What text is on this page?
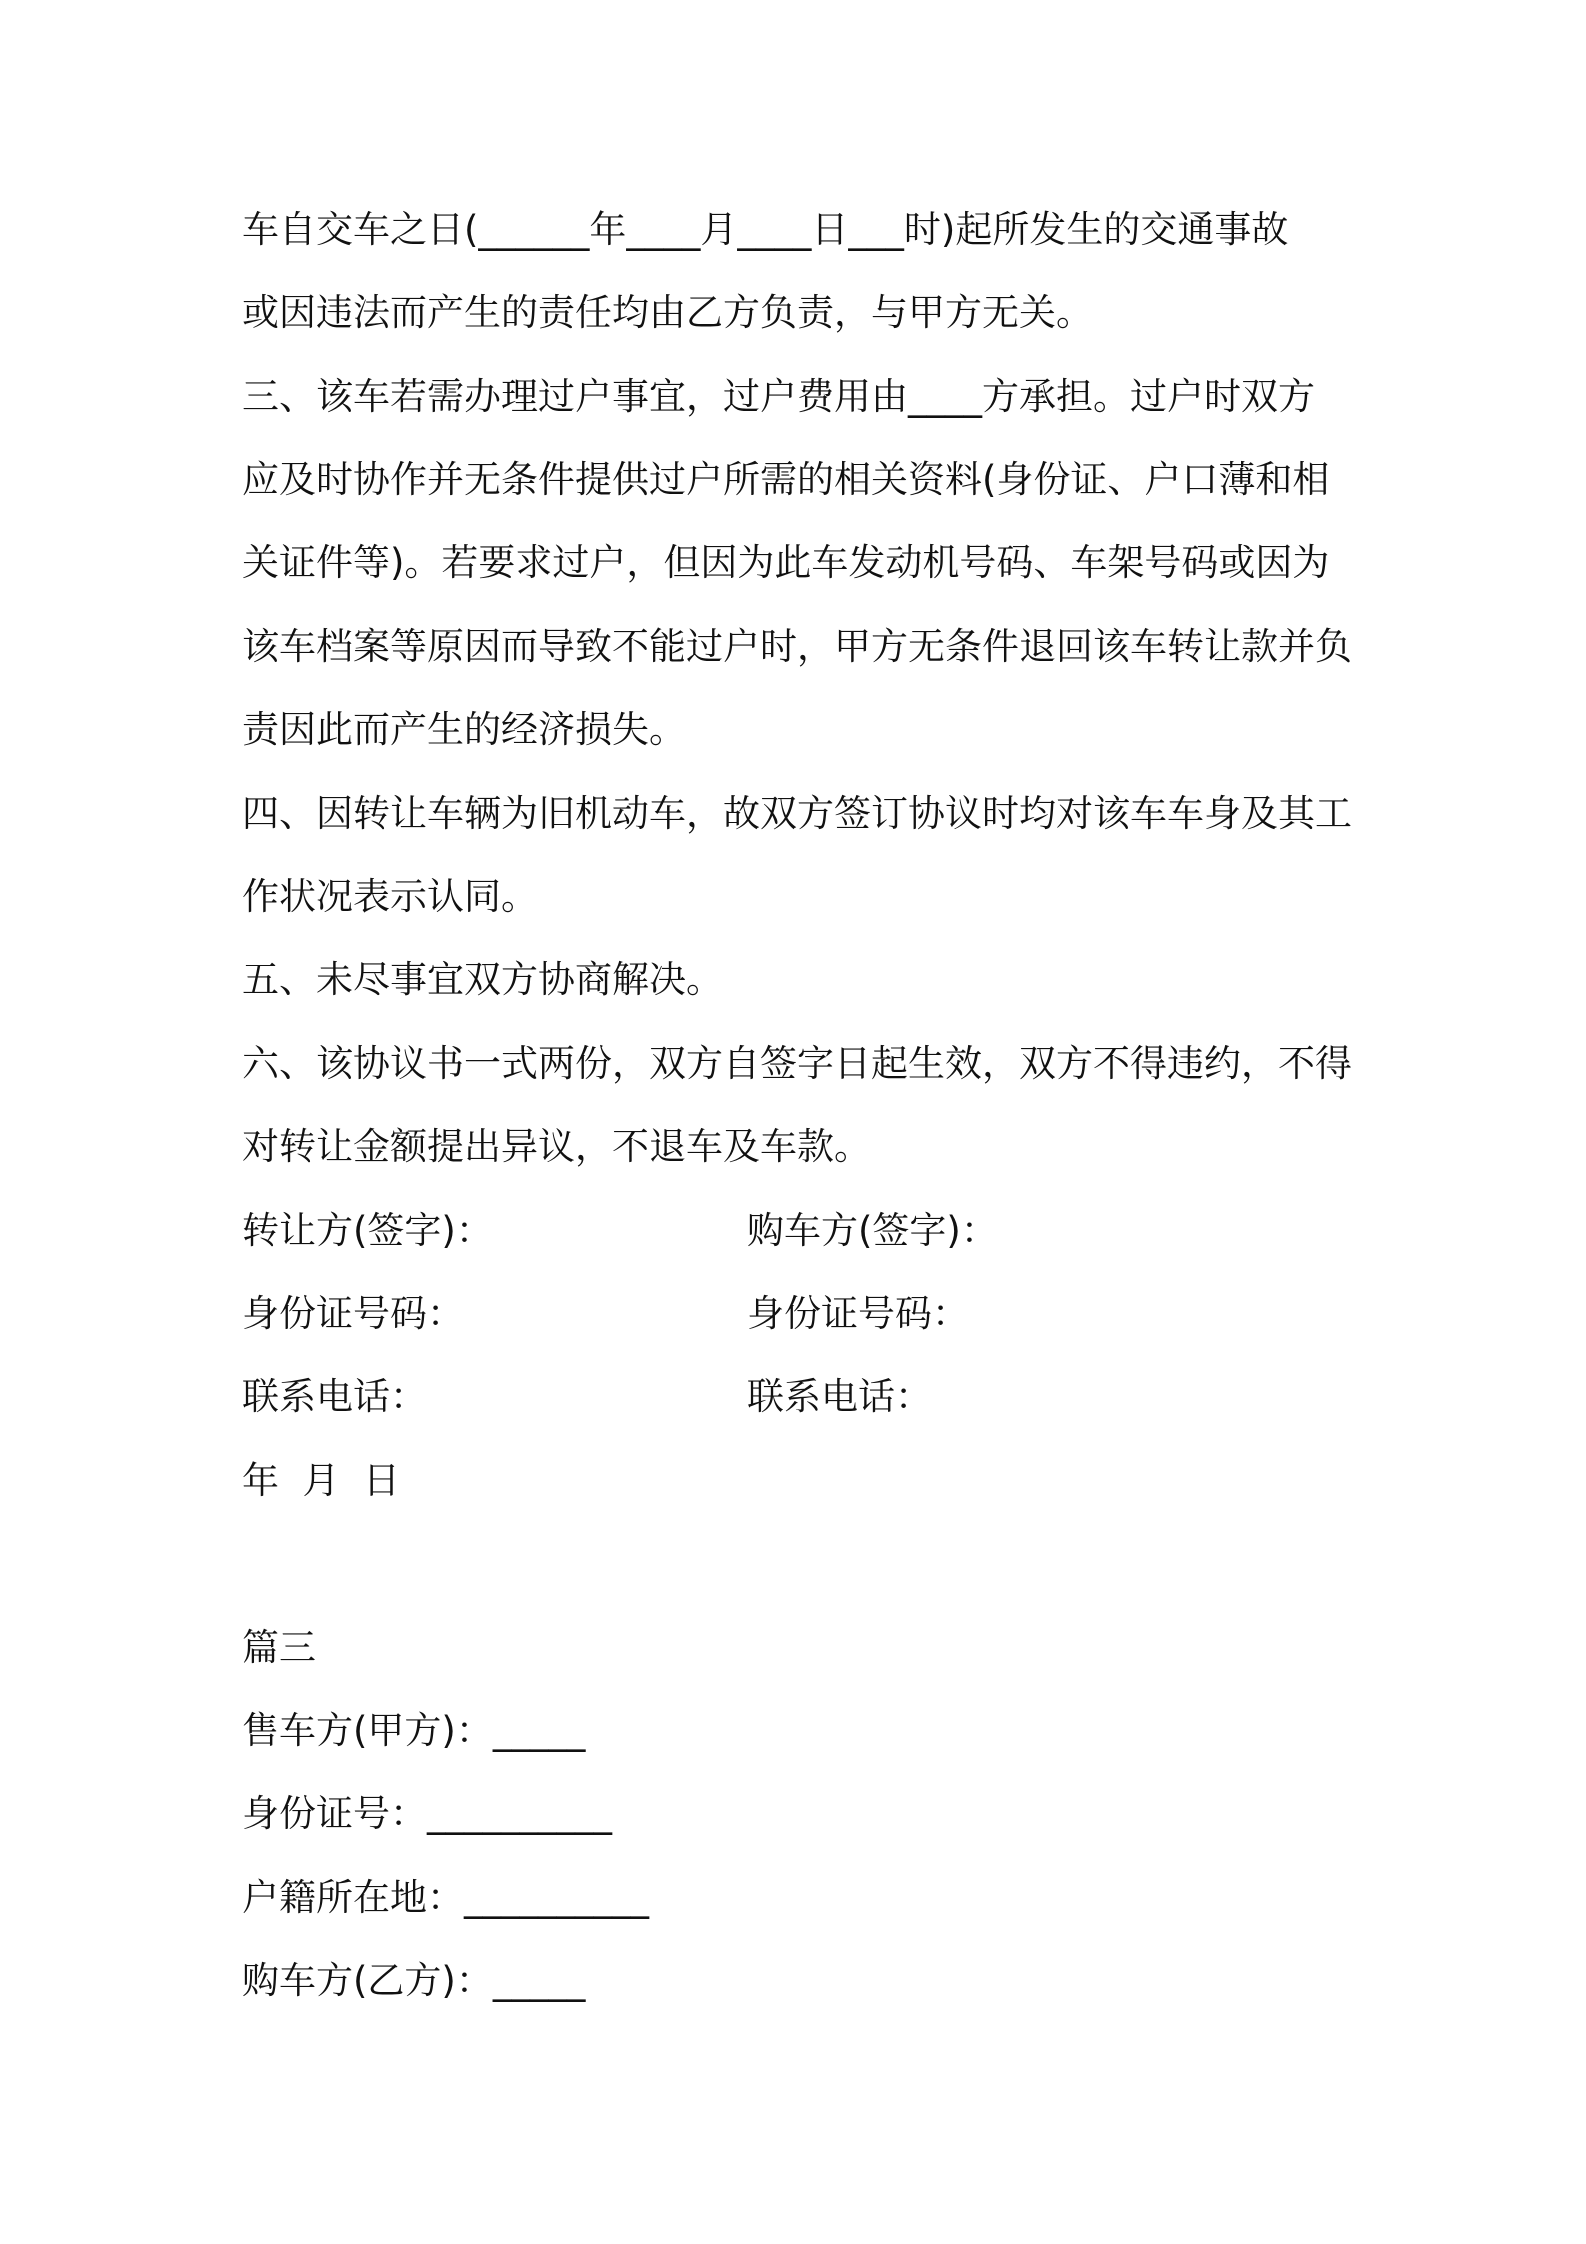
车自交车之日(______年____月____日___时)起所发生的交通事故
或因违法而产生的责任均由乙方负责，与甲方无关。
三、该车若需办理过户事宜，过户费用由____方承担。过户时双方
应及时协作并无条件提供过户所需的相关资料(身份证、户口薄和相
关证件等)。若要求过户，但因为此车发动机号码、车架号码或因为
该车档案等原因而导致不能过户时，甲方无条件退回该车转让款并负
责因此而产生的经济损失。
四、因转让车辆为旧机动车，故双方签订协议时均对该车车身及其工
作状况表示认同。
五、未尽事宜双方协商解决。
六、该协议书一式两份，双方自签字日起生效，双方不得违约，不得
对转让金额提出异议，不退车及车款。
转让方(签字)：	购车方(签字)：
身份证号码：	身份证号码：
联系电话：	联系电话：
年  月  日
篇三
售车方(甲方)：_____
身份证号：__________
户籍所在地：__________
购车方(乙方)：_____
